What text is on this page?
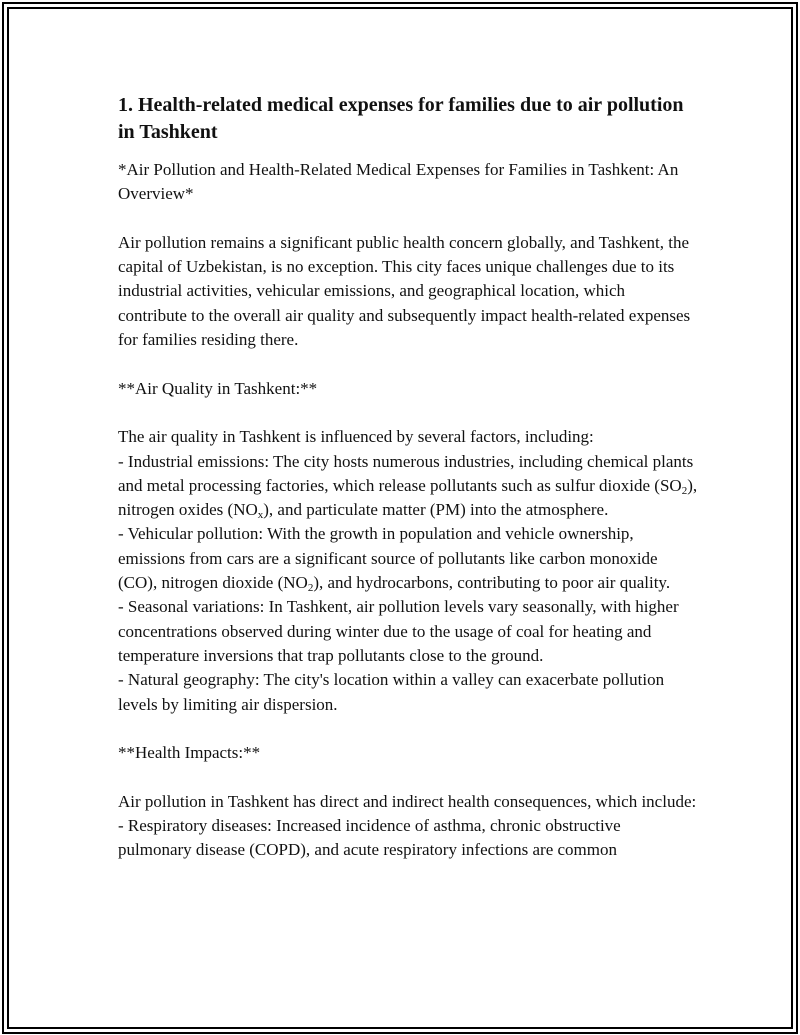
1. Health-related medical expenses for families due to air pollution in Tashkent

*Air Pollution and Health-Related Medical Expenses for Families in Tashkent: An Overview*

Air pollution remains a significant public health concern globally, and Tashkent, the capital of Uzbekistan, is no exception. This city faces unique challenges due to its industrial activities, vehicular emissions, and geographical location, which contribute to the overall air quality and subsequently impact health-related expenses for families residing there.

**Air Quality in Tashkent:**

The air quality in Tashkent is influenced by several factors, including:

- Industrial emissions: The city hosts numerous industries, including chemical plants and metal processing factories, which release pollutants such as sulfur dioxide $(SO_2)$, nitrogen oxides $(NO_x)$, and particulate matter (PM) into the atmosphere.

- Vehicular pollution: With the growth in population and vehicle ownership, emissions from cars are a significant source of pollutants like carbon monoxide (CO), nitrogen dioxide $(NO_2)$, and hydrocarbons, contributing to poor air quality.

- Seasonal variations: In Tashkent, air pollution levels vary seasonally, with higher concentrations observed during winter due to the usage of coal for heating and temperature inversions that trap pollutants close to the ground.

- Natural geography: The city's location within a valley can exacerbate pollution levels by limiting air dispersion.

**Health Impacts:**

Air pollution in Tashkent has direct and indirect health consequences, which include:

- Respiratory diseases: Increased incidence of asthma, chronic obstructive pulmonary disease (COPD), and acute respiratory infections are common
